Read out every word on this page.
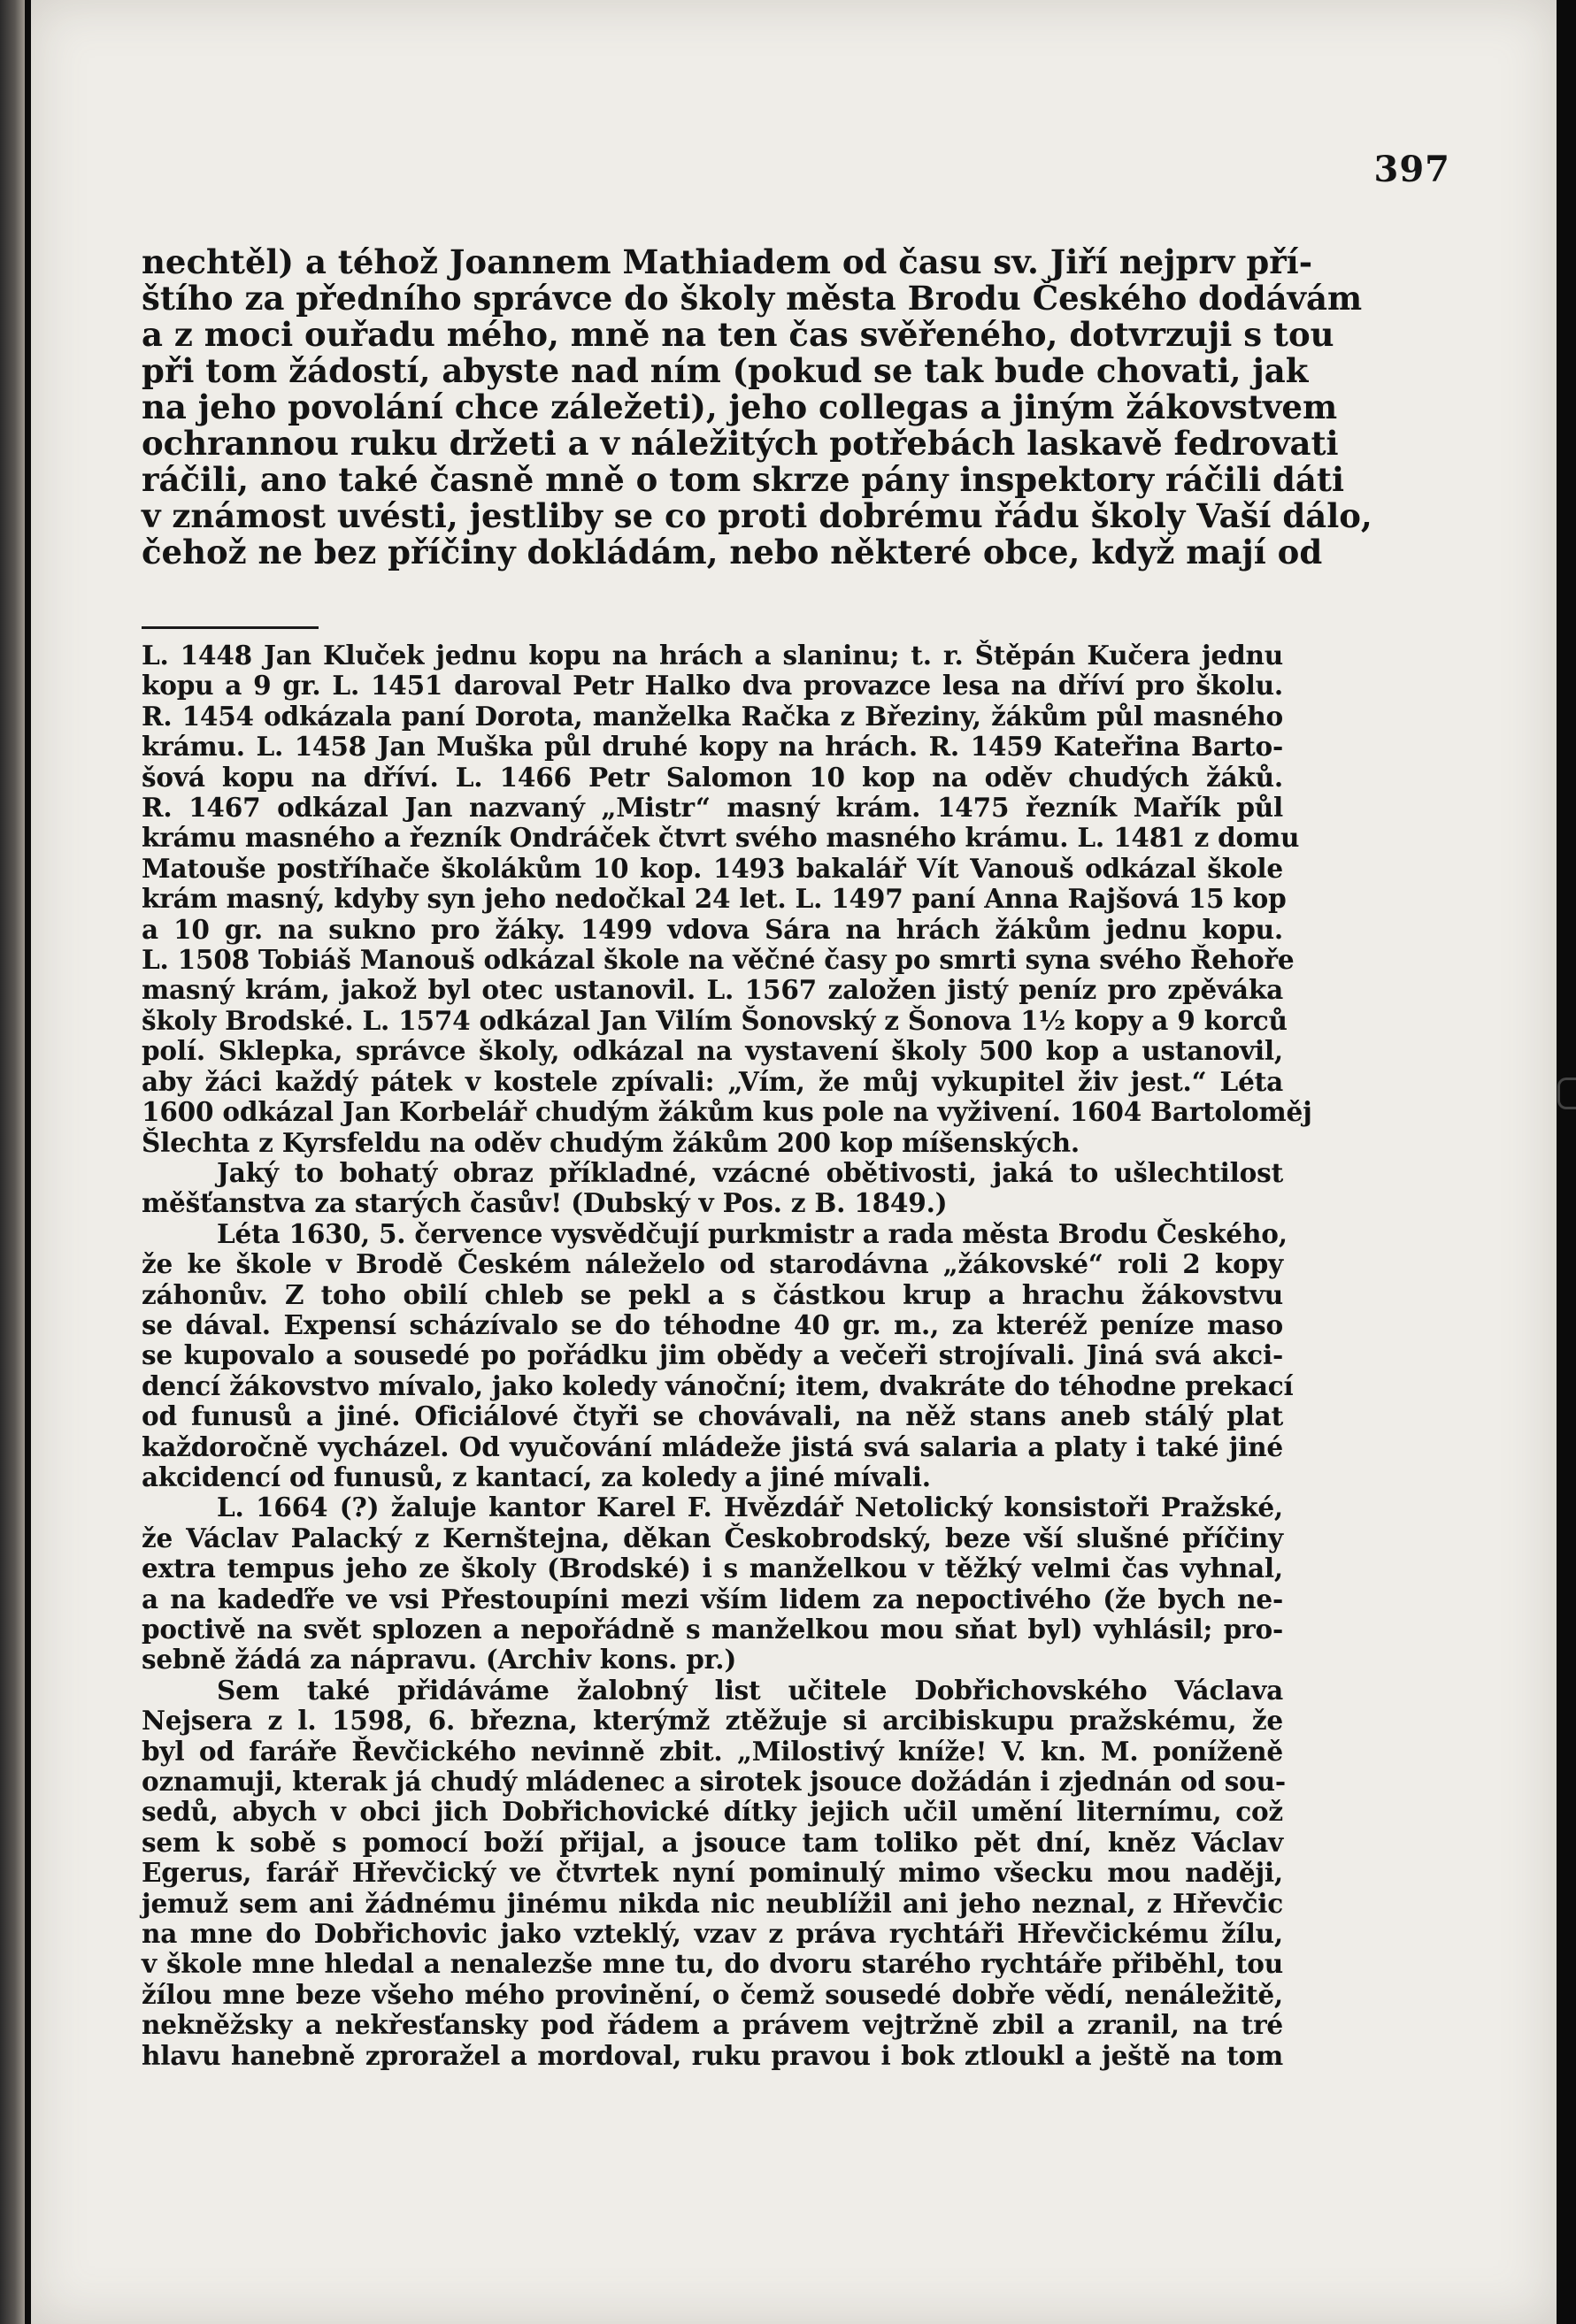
397
nechtěl) a téhož Joannem Mathiadem od času sv. Jiří nejprv pří-
štího za předního správce do školy města Brodu Českého dodávám
a z moci ouřadu mého, mně na ten čas svěřeného, dotvrzuji s tou
při tom žádostí, abyste nad ním (pokud se tak bude chovati, jak
na jeho povolání chce záležeti), jeho collegas a jiným žákovstvem
ochrannou ruku držeti a v náležitých potřebách laskavě fedrovati
ráčili, ano také časně mně o tom skrze pány inspektory ráčili dáti
v známost uvésti, jestliby se co proti dobrému řádu školy Vaší dálo,
čehož ne bez příčiny dokládám, nebo některé obce, když mají od
L. 1448 Jan Kluček jednu kopu na hrách a slaninu; t. r. Štěpán Kučera jednu
kopu a 9 gr. L. 1451 daroval Petr Halko dva provazce lesa na dříví pro školu.
R. 1454 odkázala paní Dorota, manželka Račka z Březiny, žákům půl masného
krámu. L. 1458 Jan Muška půl druhé kopy na hrách. R. 1459 Kateřina Barto-
šová kopu na dříví. L. 1466 Petr Salomon 10 kop na oděv chudých žáků.
R. 1467 odkázal Jan nazvaný „Mistr“ masný krám. 1475 řezník Mařík půl
krámu masného a řezník Ondráček čtvrt svého masného krámu. L. 1481 z domu
Matouše postříhače školákům 10 kop. 1493 bakalář Vít Vanouš odkázal škole
krám masný, kdyby syn jeho nedočkal 24 let. L. 1497 paní Anna Rajšová 15 kop
a 10 gr. na sukno pro žáky. 1499 vdova Sára na hrách žákům jednu kopu.
L. 1508 Tobiáš Manouš odkázal škole na věčné časy po smrti syna svého Řehoře
masný krám, jakož byl otec ustanovil. L. 1567 založen jistý peníz pro zpěváka
školy Brodské. L. 1574 odkázal Jan Vilím Šonovský z Šonova 1½ kopy a 9 korců
polí. Sklepka, správce školy, odkázal na vystavení školy 500 kop a ustanovil,
aby žáci každý pátek v kostele zpívali: „Vím, že můj vykupitel živ jest.“ Léta
1600 odkázal Jan Korbelář chudým žákům kus pole na vyživení. 1604 Bartoloměj
Šlechta z Kyrsfeldu na oděv chudým žákům 200 kop míšenských.
Jaký to bohatý obraz příkladné, vzácné obětivosti, jaká to ušlechtilost
měšťanstva za starých časův! (Dubský v Pos. z B. 1849.)
Léta 1630, 5. července vysvědčují purkmistr a rada města Brodu Českého,
že ke škole v Brodě Českém náleželo od starodávna „žákovské“ roli 2 kopy
záhonův. Z toho obilí chleb se pekl a s částkou krup a hrachu žákovstvu
se dával. Expensí scházívalo se do téhodne 40 gr. m., za kteréž peníze maso
se kupovalo a sousedé po pořádku jim obědy a večeři strojívali. Jiná svá akci-
dencí žákovstvo mívalo, jako koledy vánoční; item, dvakráte do téhodne prekací
od funusů a jiné. Oficiálové čtyři se chovávali, na něž stans aneb stálý plat
každoročně vycházel. Od vyučování mládeže jistá svá salaria a platy i také jiné
akcidencí od funusů, z kantací, za koledy a jiné mívali.
L. 1664 (?) žaluje kantor Karel F. Hvězdář Netolický konsistoři Pražské,
že Václav Palacký z Kernštejna, děkan Českobrodský, beze vší slušné příčiny
extra tempus jeho ze školy (Brodské) i s manželkou v těžký velmi čas vyhnal,
a na kadeďře ve vsi Přestoupíni mezi vším lidem za nepoctivého (že bych ne-
poctivě na svět splozen a nepořádně s manželkou mou sňat byl) vyhlásil; pro-
sebně žádá za nápravu. (Archiv kons. pr.)
Sem také přidáváme žalobný list učitele Dobřichovského Václava
Nejsera z l. 1598, 6. března, kterýmž ztěžuje si arcibiskupu pražskému, že
byl od faráře Řevčického nevinně zbit. „Milostivý kníže! V. kn. M. poníženě
oznamuji, kterak já chudý mládenec a sirotek jsouce dožádán i zjednán od sou-
sedů, abych v obci jich Dobřichovické dítky jejich učil umění liternímu, což
sem k sobě s pomocí boží přijal, a jsouce tam toliko pět dní, kněz Václav
Egerus, farář Hřevčický ve čtvrtek nyní pominulý mimo všecku mou naději,
jemuž sem ani žádnému jinému nikda nic neublížil ani jeho neznal, z Hřevčic
na mne do Dobřichovic jako vzteklý, vzav z práva rychtáři Hřevčickému žílu,
v škole mne hledal a nenalezše mne tu, do dvoru starého rychtáře přiběhl, tou
žílou mne beze všeho mého provinění, o čemž sousedé dobře vědí, nenáležitě,
nekněžsky a nekřesťansky pod řádem a právem vejtržně zbil a zranil, na tré
hlavu hanebně zproražel a mordoval, ruku pravou i bok ztloukl a ještě na tom
